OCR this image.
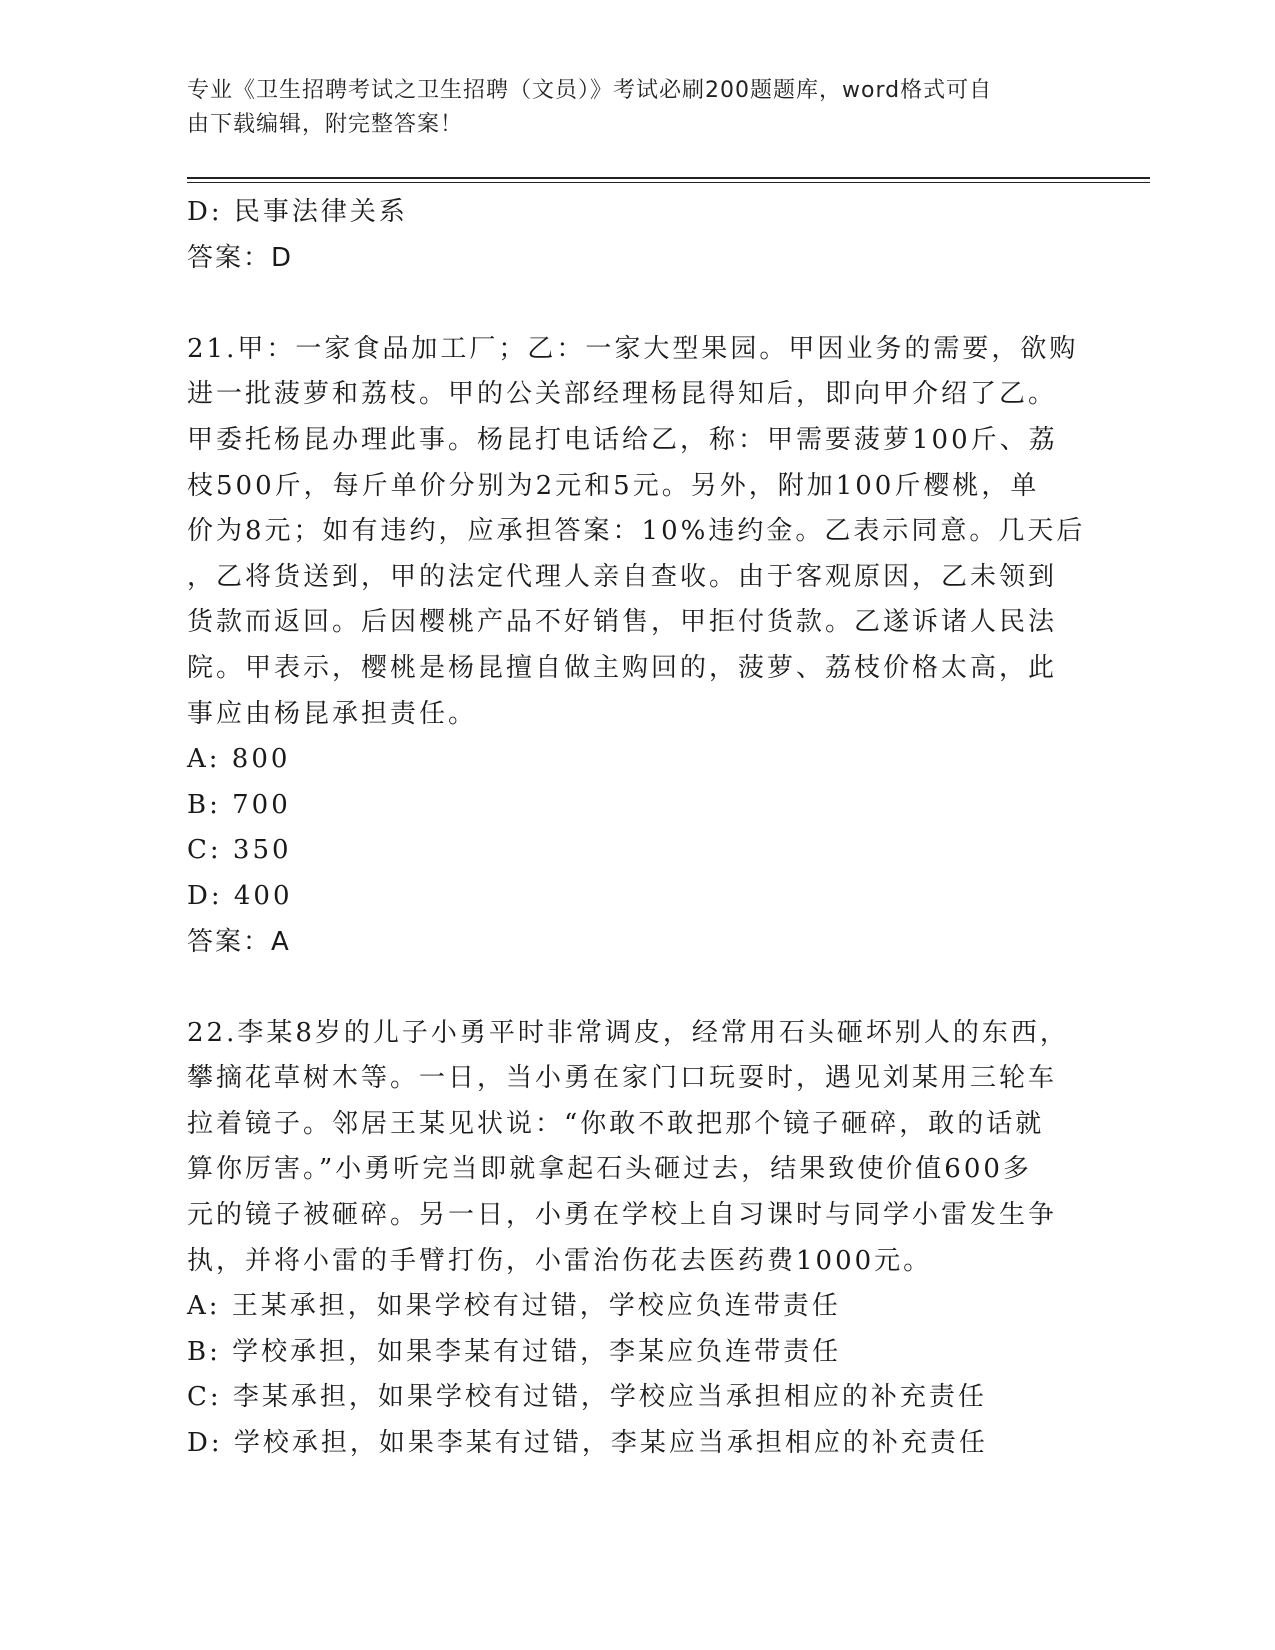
专业《卫生招聘考试之卫生招聘（文员）》考试必刷200题题库，word格式可自
由下载编辑，附完整答案！
D: 民事法律关系
答案：D
21.甲：一家食品加工厂；乙：一家大型果园。甲因业务的需要，欲购
进一批菠萝和荔枝。甲的公关部经理杨昆得知后，即向甲介绍了乙。
甲委托杨昆办理此事。杨昆打电话给乙，称：甲需要菠萝100斤、荔
枝500斤，每斤单价分别为2元和5元。另外，附加100斤樱桃，单
价为8元；如有违约，应承担答案：10%违约金。乙表示同意。几天后
，乙将货送到，甲的法定代理人亲自查收。由于客观原因，乙未领到
货款而返回。后因樱桃产品不好销售，甲拒付货款。乙遂诉诸人民法
院。甲表示，樱桃是杨昆擅自做主购回的，菠萝、荔枝价格太高，此
事应由杨昆承担责任。
A: 800
B: 700
C: 350
D: 400
答案：A
22.李某8岁的儿子小勇平时非常调皮，经常用石头砸坏别人的东西，
攀摘花草树木等。一日，当小勇在家门口玩耍时，遇见刘某用三轮车
拉着镜子。邻居王某见状说：“你敢不敢把那个镜子砸碎，敢的话就
算你厉害。”小勇听完当即就拿起石头砸过去，结果致使价值600多
元的镜子被砸碎。另一日，小勇在学校上自习课时与同学小雷发生争
执，并将小雷的手臂打伤，小雷治伤花去医药费1000元。
A: 王某承担，如果学校有过错，学校应负连带责任
B: 学校承担，如果李某有过错，李某应负连带责任
C: 李某承担，如果学校有过错，学校应当承担相应的补充责任
D: 学校承担，如果李某有过错，李某应当承担相应的补充责任
